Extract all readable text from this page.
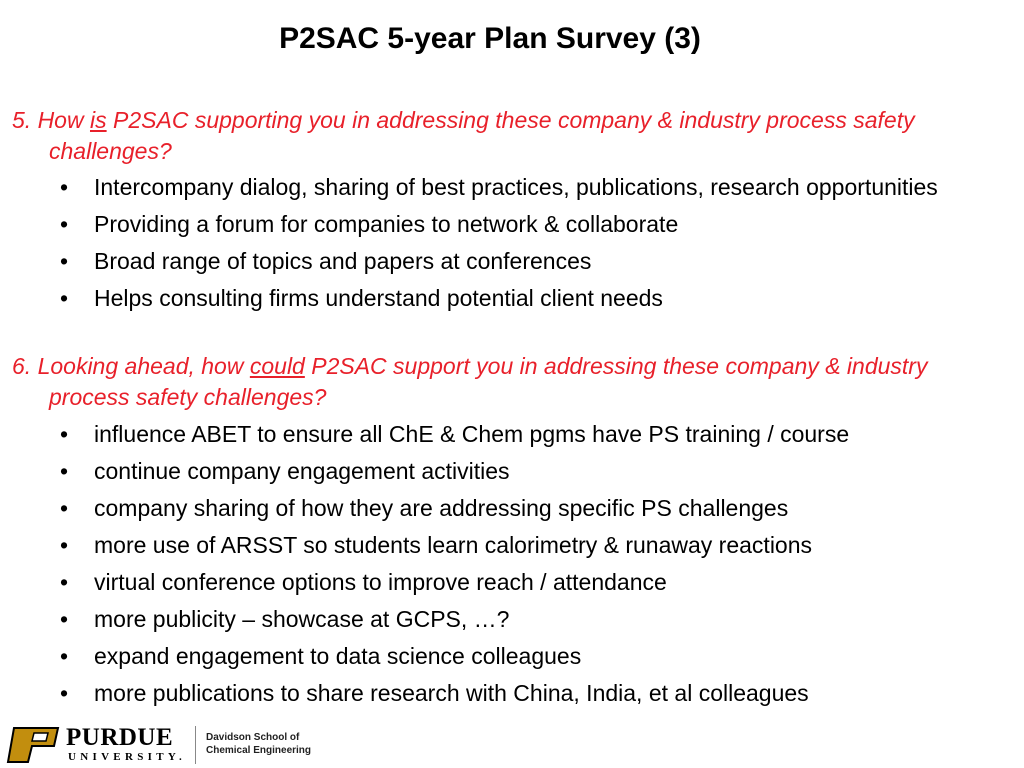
P2SAC 5-year Plan Survey (3)
5. How is P2SAC supporting you in addressing these company & industry process safety challenges?
• Intercompany dialog, sharing of best practices, publications, research opportunities
• Providing a forum for companies to network & collaborate
• Broad range of topics and papers at conferences
• Helps consulting firms understand potential client needs
6. Looking ahead, how could P2SAC support you in addressing these company & industry process safety challenges?
• influence ABET to ensure all ChE & Chem pgms have PS training / course
• continue company engagement activities
• company sharing of how they are addressing specific PS challenges
• more use of ARSST so students learn calorimetry & runaway reactions
• virtual conference options to improve reach / attendance
• more publicity – showcase at GCPS, …?
• expand engagement to data science colleagues
• more publications to share research with China, India, et al colleagues
PURDUE
UNIVERSITY.
Davidson School of
Chemical Engineering
